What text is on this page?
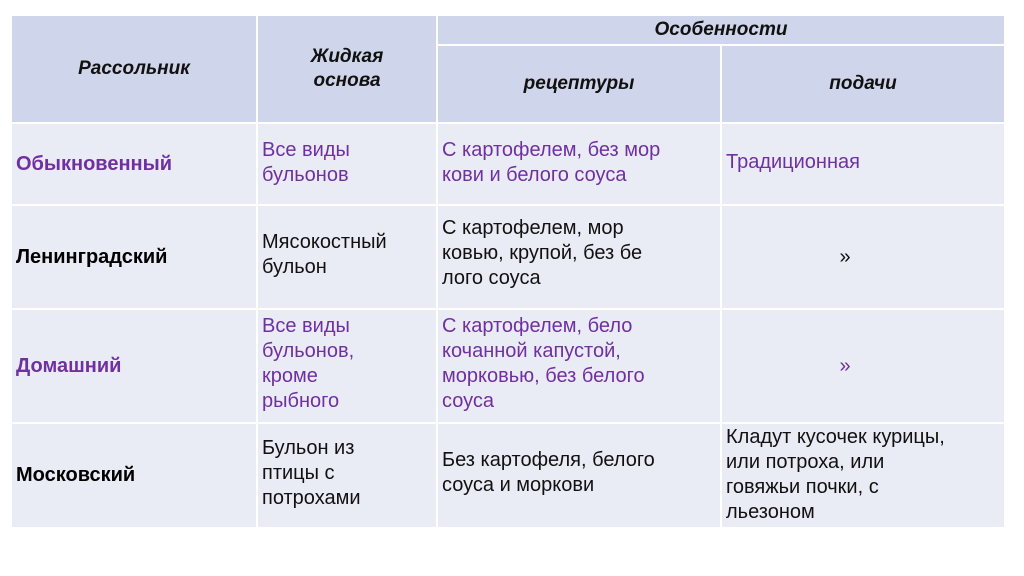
Рассольник
Жидкая
основа
Особенности
рецептуры	подачи
Обыкновенный
Все виды
бульонов
С картофелем, без мор
кови и белого соуса
Традиционная
Ленинградский
Мясокостный
бульон
С картофелем, мор
ковью, крупой, без бе
лого соуса
»
Домашний
Все виды
бульонов,
кроме
рыбного
С картофелем, бело
кочанной капустой,
морковью, без белого
соуса
»
Московский
Бульон из
птицы с
потрохами
Без картофеля, белого
соуса и моркови
Кладут кусочек курицы,
или потроха, или
говяжьи почки, с
льезоном
